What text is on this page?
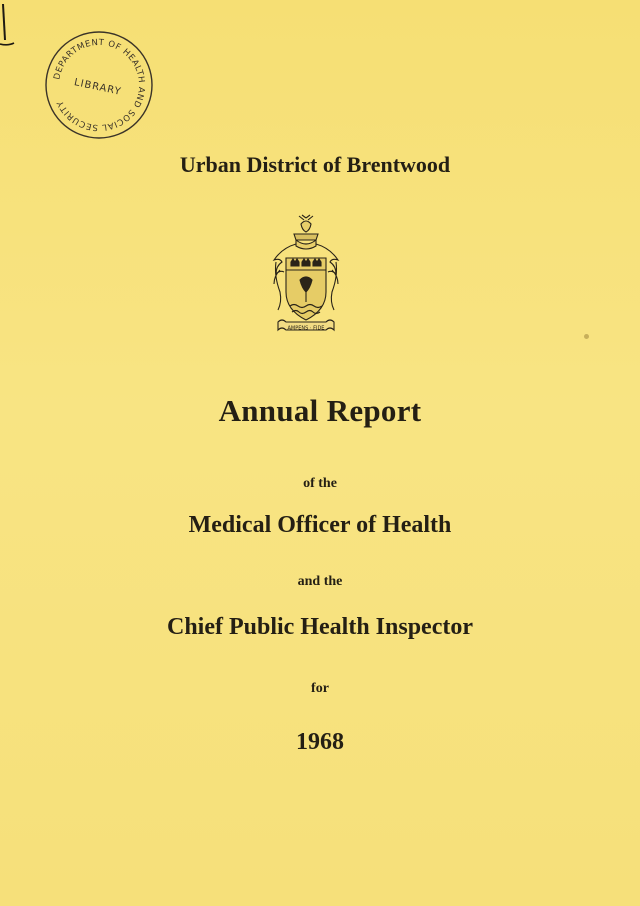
DEPARTMENT OF HEALTH AND SOCIAL SECURITY
LIBRARY
Urban District of Brentwood
AMPENS · FIDE
Annual Report
of the
Medical Officer of Health
and the
Chief Public Health Inspector
for
1968
